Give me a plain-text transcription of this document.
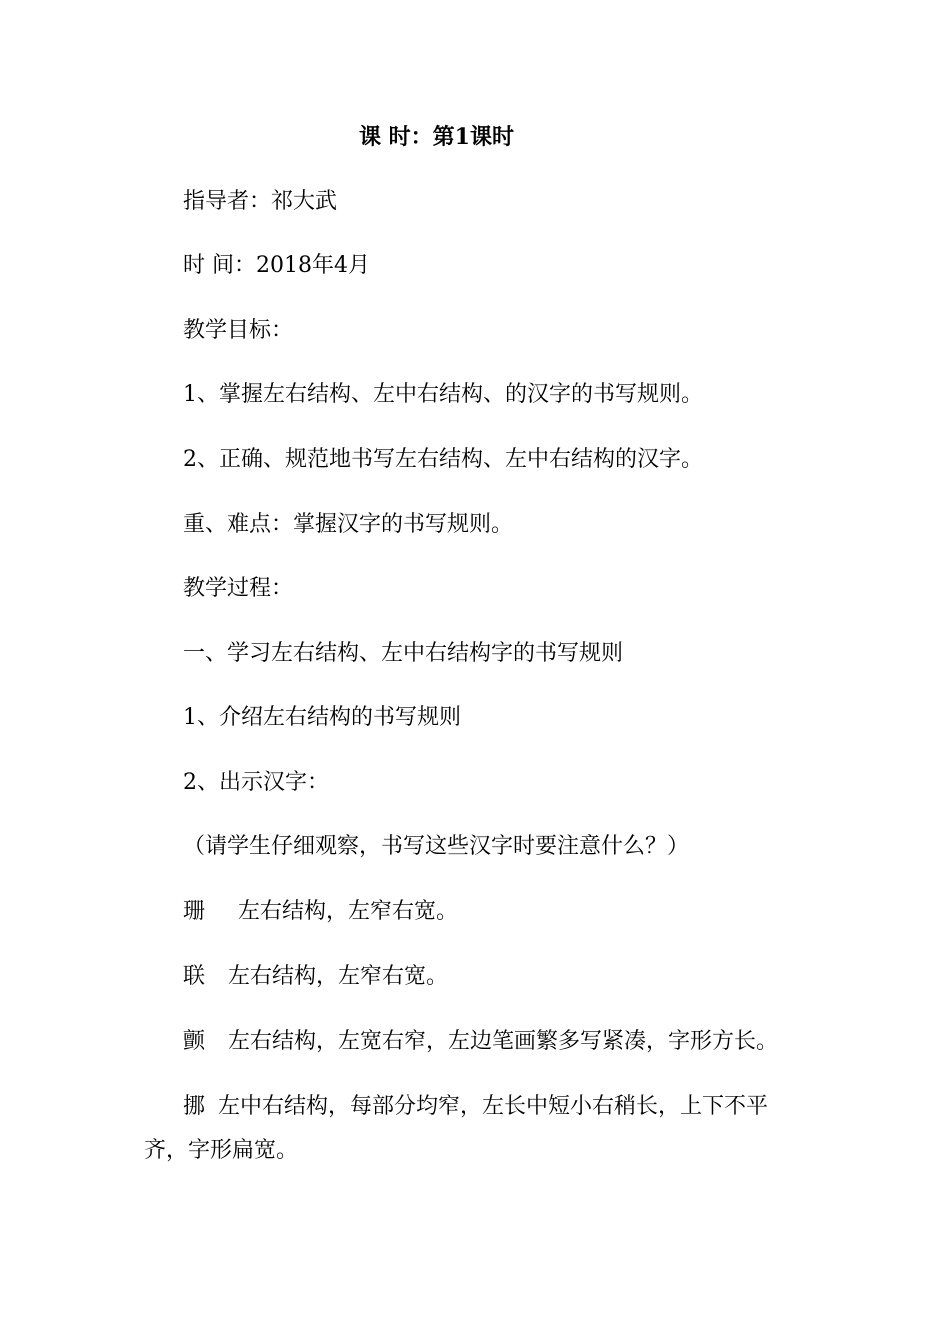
课 时：第1课时
指导者：祁大武
时 间：2018年4月
教学目标：
1、掌握左右结构、左中右结构、的汉字的书写规则。
2、正确、规范地书写左右结构、左中右结构的汉字。
重、难点：掌握汉字的书写规则。
教学过程：
一、学习左右结构、左中右结构字的书写规则
1、介绍左右结构的书写规则
2、出示汉字：
（请学生仔细观察，书写这些汉字时要注意什么？）
珊 左右结构，左窄右宽。
联 左右结构，左窄右宽。
颤 左右结构，左宽右窄，左边笔画繁多写紧凑，字形方长。
挪 左中右结构，每部分均窄，左长中短小右稍长，上下不平
齐，字形扁宽。
